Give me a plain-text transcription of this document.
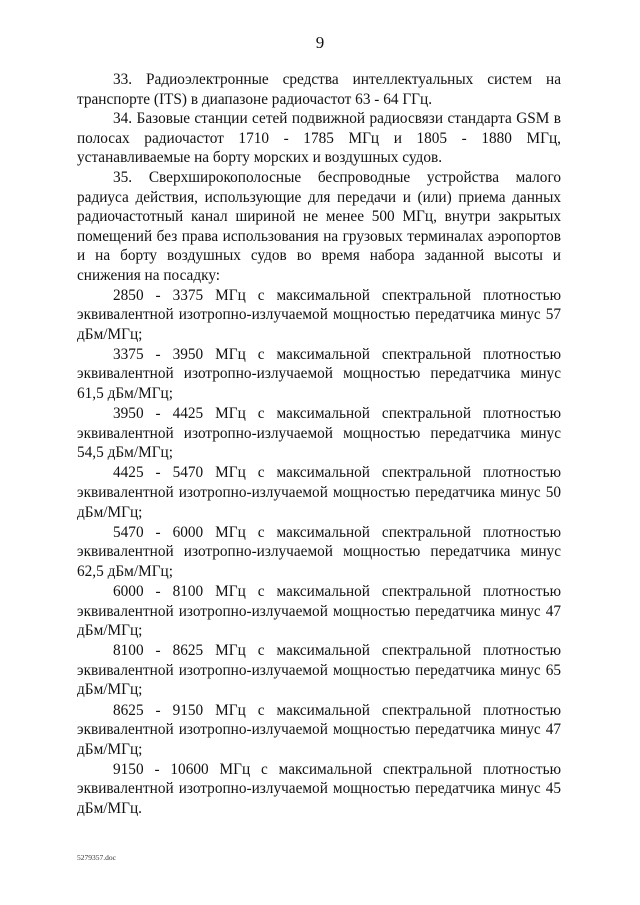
9

33. Радиоэлектронные средства интеллектуальных систем на транспорте (ITS) в диапазоне радиочастот 63 - 64 ГГц.

34. Базовые станции сетей подвижной радиосвязи стандарта GSM в полосах радиочастот 1710 - 1785 МГц и 1805 - 1880 МГц, устанавливаемые на борту морских и воздушных судов.

35. Сверхширокополосные беспроводные устройства малого радиуса действия, использующие для передачи и (или) приема данных радиочастотный канал шириной не менее 500 МГц, внутри закрытых помещений без права использования на грузовых терминалах аэропортов и на борту воздушных судов во время набора заданной высоты и снижения на посадку:

2850 - 3375 МГц с максимальной спектральной плотностью эквивалентной изотропно-излучаемой мощностью передатчика минус 57 дБм/МГц;

3375 - 3950 МГц с максимальной спектральной плотностью эквивалентной изотропно-излучаемой мощностью передатчика минус 61,5 дБм/МГц;

3950 - 4425 МГц с максимальной спектральной плотностью эквивалентной изотропно-излучаемой мощностью передатчика минус 54,5 дБм/МГц;

4425 - 5470 МГц с максимальной спектральной плотностью эквивалентной изотропно-излучаемой мощностью передатчика минус 50 дБм/МГц;

5470 - 6000 МГц с максимальной спектральной плотностью эквивалентной изотропно-излучаемой мощностью передатчика минус 62,5 дБм/МГц;

6000 - 8100 МГц с максимальной спектральной плотностью эквивалентной изотропно-излучаемой мощностью передатчика минус 47 дБм/МГц;

8100 - 8625 МГц с максимальной спектральной плотностью эквивалентной изотропно-излучаемой мощностью передатчика минус 65 дБм/МГц;

8625 - 9150 МГц с максимальной спектральной плотностью эквивалентной изотропно-излучаемой мощностью передатчика минус 47 дБм/МГц;

9150 - 10600 МГц с максимальной спектральной плотностью эквивалентной изотропно-излучаемой мощностью передатчика минус 45 дБм/МГц.

5279357.doc
